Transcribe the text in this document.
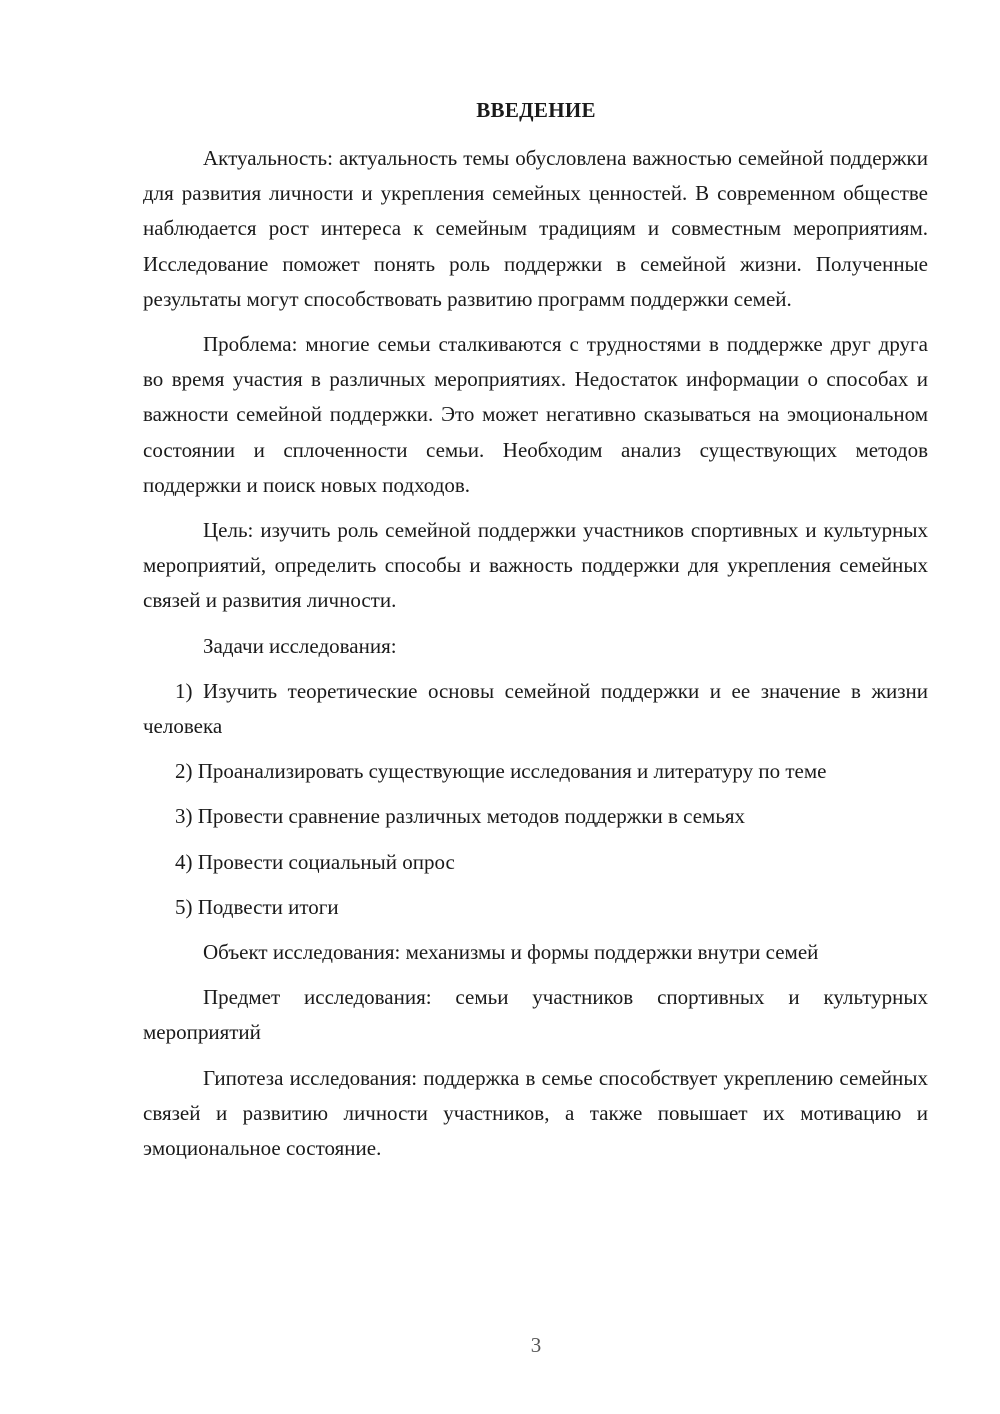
ВВЕДЕНИЕ

Актуальность: актуальность темы обусловлена важностью семейной поддержки для развития личности и укрепления семейных ценностей. В современном обществе наблюдается рост интереса к семейным традициям и совместным мероприятиям. Исследование поможет понять роль поддержки в семейной жизни. Полученные результаты могут способствовать развитию программ поддержки семей.

Проблема: многие семьи сталкиваются с трудностями в поддержке друг друга во время участия в различных мероприятиях. Недостаток информации о способах и важности семейной поддержки. Это может негативно сказываться на эмоциональном состоянии и сплоченности семьи. Необходим анализ существующих методов поддержки и поиск новых подходов.

Цель: изучить роль семейной поддержки участников спортивных и культурных мероприятий, определить способы и важность поддержки для укрепления семейных связей и развития личности.

Задачи исследования:

1) Изучить теоретические основы семейной поддержки и ее значение в жизни человека

2) Проанализировать существующие исследования и литературу по теме

3) Провести сравнение различных методов поддержки в семьях

4) Провести социальный опрос

5) Подвести итоги

Объект исследования: механизмы и формы поддержки внутри семей

Предмет исследования: семьи участников спортивных и культурных мероприятий

Гипотеза исследования: поддержка в семье способствует укреплению семейных связей и развитию личности участников, а также повышает их мотивацию и эмоциональное состояние.

3
